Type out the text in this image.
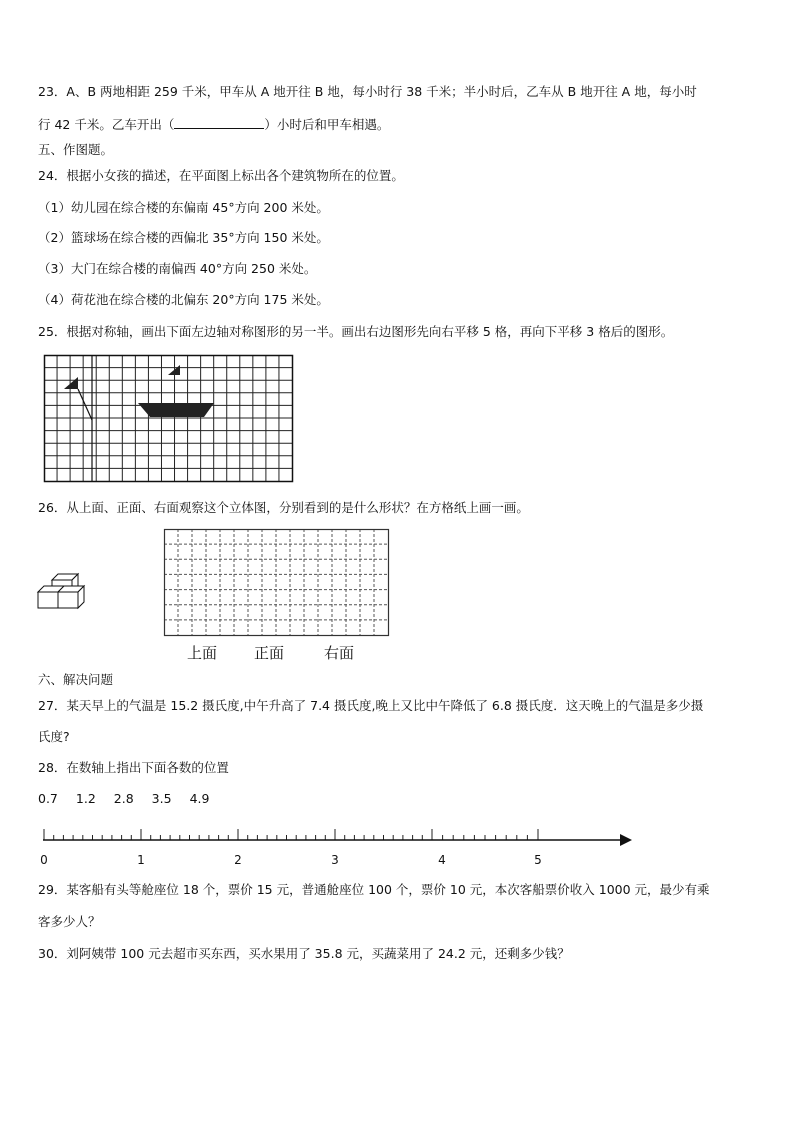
23．A、B 两地相距 259 千米，甲车从 A 地开往 B 地，每小时行 38 千米；半小时后，乙车从 B 地开往 A 地，每小时
行 42 千米。乙车开出（	）小时后和甲车相遇。
五、作图题。
24．根据小女孩的描述，在平面图上标出各个建筑物所在的位置。
（1）幼儿园在综合楼的东偏南 45°方向 200 米处。
（2）篮球场在综合楼的西偏北 35°方向 150 米处。
（3）大门在综合楼的南偏西 40°方向 250 米处。
（4）荷花池在综合楼的北偏东 20°方向 175 米处。
25．根据对称轴，画出下面左边轴对称图形的另一半。画出右边图形先向右平移 5 格，再向下平移 3 格后的图形。
26．从上面、正面、右面观察这个立体图，分别看到的是什么形状？在方格纸上画一画。
上面 正面	右面
六、解决问题
27．某天早上的气温是 15.2 摄氏度,中午升高了 7.4 摄氏度,晚上又比中午降低了 6.8 摄氏度．这天晚上的气温是多少摄
氏度?
28．在数轴上指出下面各数的位置
0.7 1.2 2.8 3.5 4.9
0	1	2	3	4	5
29．某客船有头等舱座位 18 个，票价 15 元，普通舱座位 100 个，票价 10 元，本次客船票价收入 1000 元，最少有乘
客多少人？
30．刘阿姨带 100 元去超市买东西，买水果用了 35.8 元，买蔬菜用了 24.2 元，还剩多少钱？
